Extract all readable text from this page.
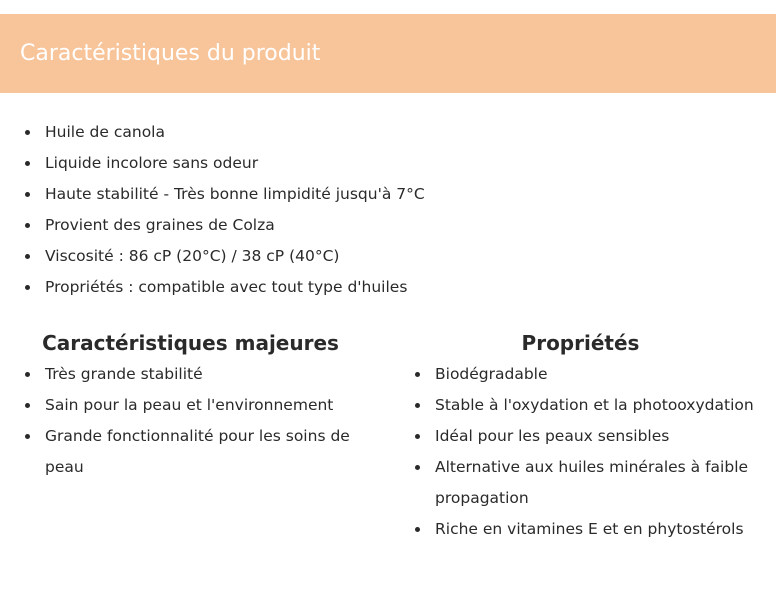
Caractéristiques du produit
Huile de canola
Liquide incolore sans odeur
Haute stabilité - Très bonne limpidité jusqu'à 7°C
Provient des graines de Colza
Viscosité : 86 cP (20°C) / 38 cP (40°C)
Propriétés : compatible avec tout type d'huiles
Caractéristiques majeures
Très grande stabilité
Sain pour la peau et l'environnement
Grande fonctionnalité pour les soins de peau
Propriétés
Biodégradable
Stable à l'oxydation et la photooxydation
Idéal pour les peaux sensibles
Alternative aux huiles minérales à faible propagation
Riche en vitamines E et en phytostérols
